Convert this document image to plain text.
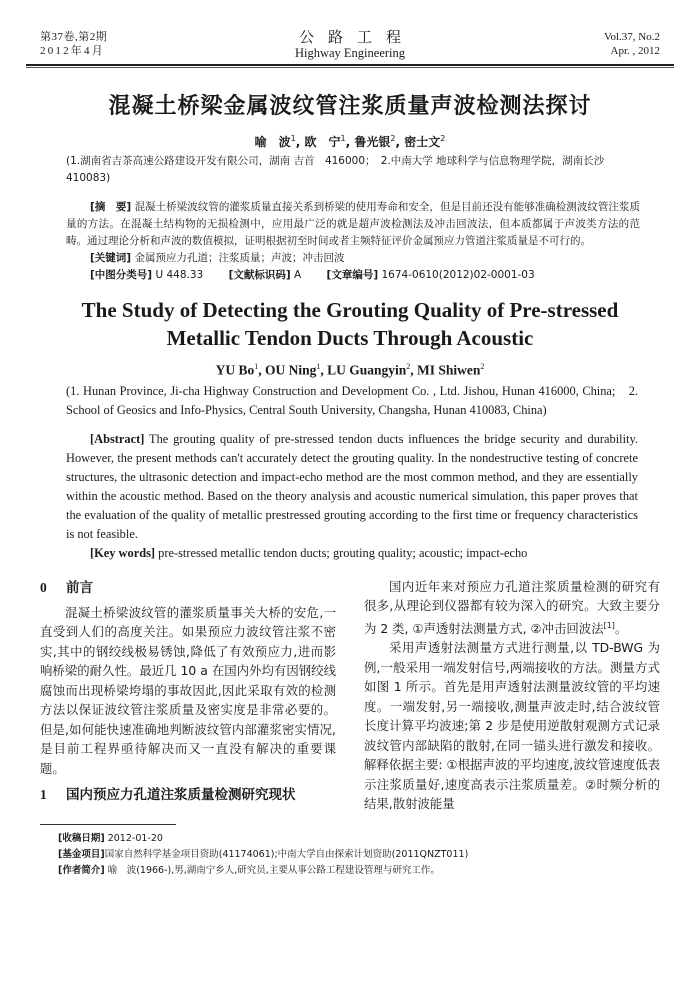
第37卷,第2期
2012年4月
公路工程
Highway Engineering
Vol.37, No.2
Apr. , 2012
混凝土桥梁金属波纹管注浆质量声波检测法探讨
喻　波$^1$, 欧　宁$^1$, 鲁光银$^2$, 密士文$^2$
(1.湖南省吉茶高速公路建设开发有限公司，湖南 吉首　416000；　2.中南大学 地球科学与信息物理学院，湖南长沙　410083)

[摘　要] 混凝土桥梁波纹管的灌浆质量直接关系到桥梁的使用寿命和安全，但是目前还没有能够准确检测波纹管注浆质量的方法。在混凝土结构物的无损检测中，应用最广泛的就是超声波检测法及冲击回波法，但本质都属于声波类方法的范畴。通过理论分析和声波的数值模拟，证明根据初至时间或者主频特征评价金属预应力管道注浆质量是不可行的。

[关键词] 金属预应力孔道；注浆质量；声波；冲击回波
[中图分类号] U 448.33 [文献标识码] A [文章编号] 1674-0610(2012)02-0001-03
The Study of Detecting the Grouting Quality of Pre-stressed
Metallic Tendon Ducts Through Acoustic
YU Bo$^1$, OU Ning$^1$, LU Guangyin$^2$, MI Shiwen$^2$
(1. Hunan Province, Ji-cha Highway Construction and Development Co. , Ltd. Jishou, Hunan 416000, China;　2. School of Geosics and Info-Physics, Central South University, Changsha, Hunan 410083, China)

[Abstract] The grouting quality of pre-stressed tendon ducts influences the bridge security and durability. However, the present methods can't accurately detect the grouting quality. In the nondestructive testing of concrete structures, the ultrasonic detection and impact-echo method are the most common method, and they are essentially within the acoustic method. Based on the theory analysis and acoustic numerical simulation, this paper proves that the evaluation of the quality of metallic prestressed grouting according to the first time or frequency characteristics is not feasible.

[Key words] pre-stressed metallic tendon ducts; grouting quality; acoustic; impact-echo
0 前言

混凝土桥梁波纹管的灌浆质量事关大桥的安危,一直受到人们的高度关注。如果预应力波纹管注浆不密实,其中的钢绞线极易锈蚀,降低了有效预应力,进而影响桥梁的耐久性。最近几 10 a 在国内外均有因钢绞线腐蚀而出现桥梁垮塌的事故因此,因此采取有效的检测方法以保证波纹管注浆质量及密实度是非常必要的。但是,如何能快速准确地判断波纹管内部灌浆密实情况,是目前工程界亟待解决而又一直没有解决的重要课题。

1 国内预应力孔道注浆质量检测研究现状

国内近年来对预应力孔道注浆质量检测的研究有很多,从理论到仪器都有较为深入的研究。大致主要分为 2 类, ①声透射法测量方式, ②冲击回波法[1]。

采用声透射法测量方式进行测量,以 TD-BWG 为例,一般采用一端发射信号,两端接收的方法。测量方式如图 1 所示。首先是用声透射法测量波纹管的平均速度。一端发射,另一端接收,测量声波走时,结合波纹管长度计算平均波速;第 2 步是使用逆散射观测方式记录波纹管内部缺陷的散射,在同一锚头进行激发和接收。解释依据主要: ①根据声波的平均速度,波纹管速度低表示注浆质量好,速度高表示注浆质量差。②时频分析的结果,散射波能量

[收稿日期] 2012-01-20
[基金项目]国家自然科学基金项目资助(41174061);中南大学自由探索计划资助(2011QNZT011)
[作者简介] 喻　波(1966-),男,湖南宁乡人,研究员,主要从事公路工程建设管理与研究工作。
